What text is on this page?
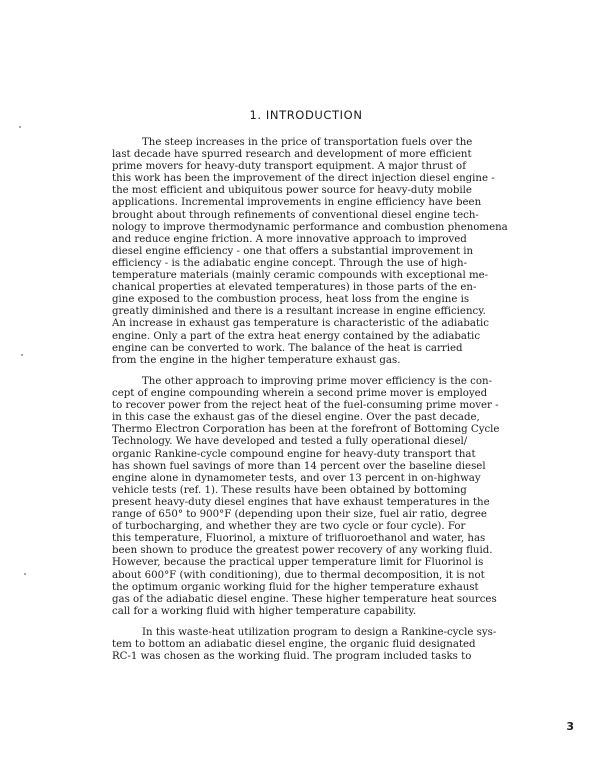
1. INTRODUCTION
The steep increases in the price of transportation fuels over the
last decade have spurred research and development of more efficient
prime movers for heavy-duty transport equipment. A major thrust of
this work has been the improvement of the direct injection diesel engine -
the most efficient and ubiquitous power source for heavy-duty mobile
applications. Incremental improvements in engine efficiency have been
brought about through refinements of conventional diesel engine tech-
nology to improve thermodynamic performance and combustion phenomena
and reduce engine friction. A more innovative approach to improved
diesel engine efficiency - one that offers a substantial improvement in
efficiency - is the adiabatic engine concept. Through the use of high-
temperature materials (mainly ceramic compounds with exceptional me-
chanical properties at elevated temperatures) in those parts of the en-
gine exposed to the combustion process, heat loss from the engine is
greatly diminished and there is a resultant increase in engine efficiency.
An increase in exhaust gas temperature is characteristic of the adiabatic
engine. Only a part of the extra heat energy contained by the adiabatic
engine can be converted to work. The balance of the heat is carried
from the engine in the higher temperature exhaust gas.
The other approach to improving prime mover efficiency is the con-
cept of engine compounding wherein a second prime mover is employed
to recover power from the reject heat of the fuel-consuming prime mover -
in this case the exhaust gas of the diesel engine. Over the past decade,
Thermo Electron Corporation has been at the forefront of Bottoming Cycle
Technology. We have developed and tested a fully operational diesel/
organic Rankine-cycle compound engine for heavy-duty transport that
has shown fuel savings of more than 14 percent over the baseline diesel
engine alone in dynamometer tests, and over 13 percent in on-highway
vehicle tests (ref. 1). These results have been obtained by bottoming
present heavy-duty diesel engines that have exhaust temperatures in the
range of 650° to 900°F (depending upon their size, fuel air ratio, degree
of turbocharging, and whether they are two cycle or four cycle). For
this temperature, Fluorinol, a mixture of trifluoroethanol and water, has
been shown to produce the greatest power recovery of any working fluid.
However, because the practical upper temperature limit for Fluorinol is
about 600°F (with conditioning), due to thermal decomposition, it is not
the optimum organic working fluid for the higher temperature exhaust
gas of the adiabatic diesel engine. These higher temperature heat sources
call for a working fluid with higher temperature capability.
In this waste-heat utilization program to design a Rankine-cycle sys-
tem to bottom an adiabatic diesel engine, the organic fluid designated
RC-1 was chosen as the working fluid. The program included tasks to
3
